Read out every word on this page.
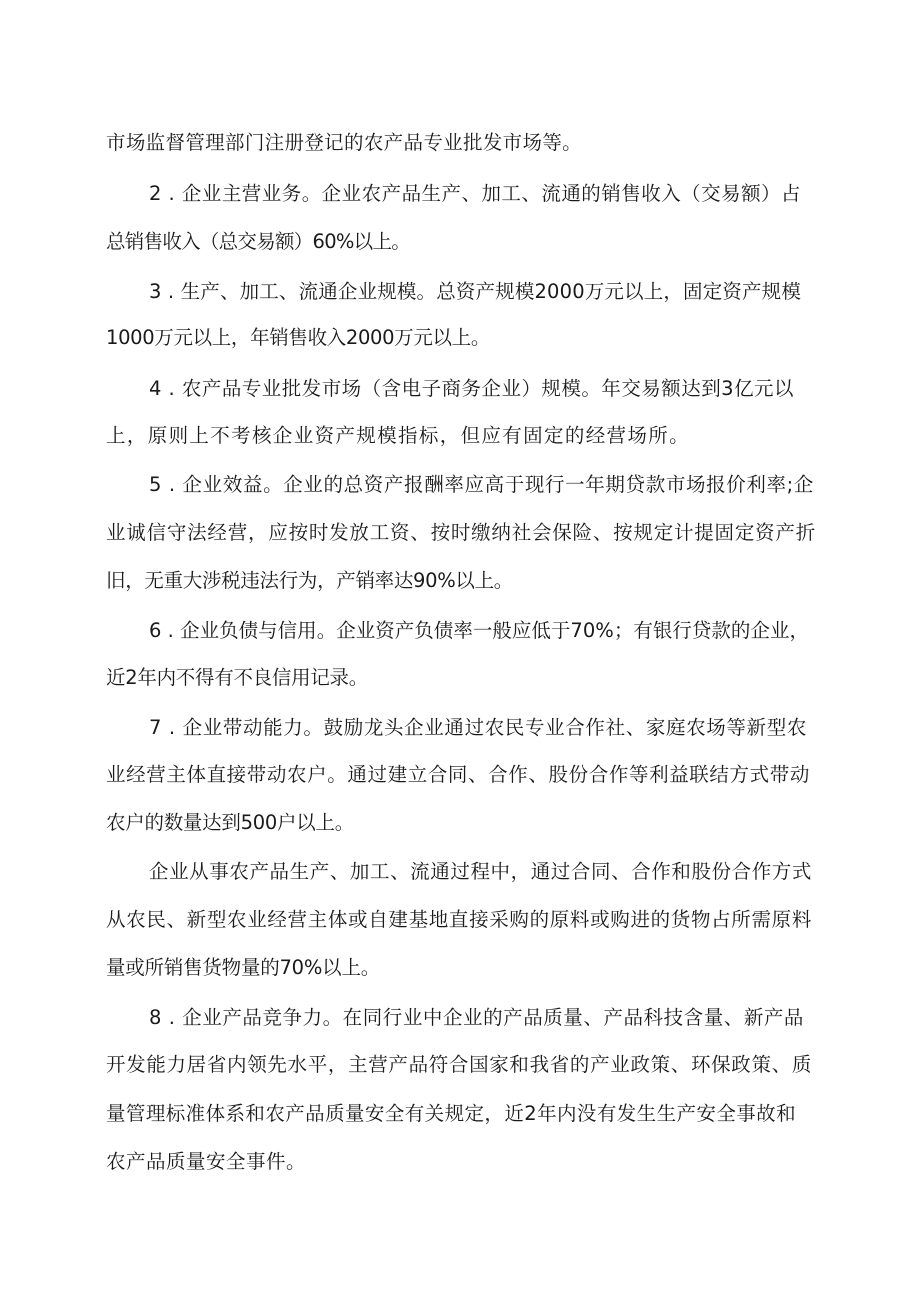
市场监督管理部门注册登记的农产品专业批发市场等。
2 . 企业主营业务。企业农产品生产、加工、流通的销售收入（交易额）占
总销售收入（总交易额）60%以上。
3 . 生产、加工、流通企业规模。总资产规模2000万元以上，固定资产规模
1000万元以上，年销售收入2000万元以上。
4 . 农产品专业批发市场（含电子商务企业）规模。年交易额达到3亿元以
上，原则上不考核企业资产规模指标，但应有固定的经营场所。
5 . 企业效益。企业的总资产报酬率应高于现行一年期贷款市场报价利率;企
业诚信守法经营，应按时发放工资、按时缴纳社会保险、按规定计提固定资产折
旧，无重大涉税违法行为，产销率达90%以上。
6 . 企业负债与信用。企业资产负债率一般应低于70%；有银行贷款的企业，
近2年内不得有不良信用记录。
7 . 企业带动能力。鼓励龙头企业通过农民专业合作社、家庭农场等新型农
业经营主体直接带动农户。通过建立合同、合作、股份合作等利益联结方式带动
农户的数量达到500户以上。
企业从事农产品生产、加工、流通过程中，通过合同、合作和股份合作方式
从农民、新型农业经营主体或自建基地直接采购的原料或购进的货物占所需原料
量或所销售货物量的70%以上。
8 . 企业产品竞争力。在同行业中企业的产品质量、产品科技含量、新产品
开发能力居省内领先水平，主营产品符合国家和我省的产业政策、环保政策、质
量管理标准体系和农产品质量安全有关规定，近2年内没有发生生产安全事故和
农产品质量安全事件。
